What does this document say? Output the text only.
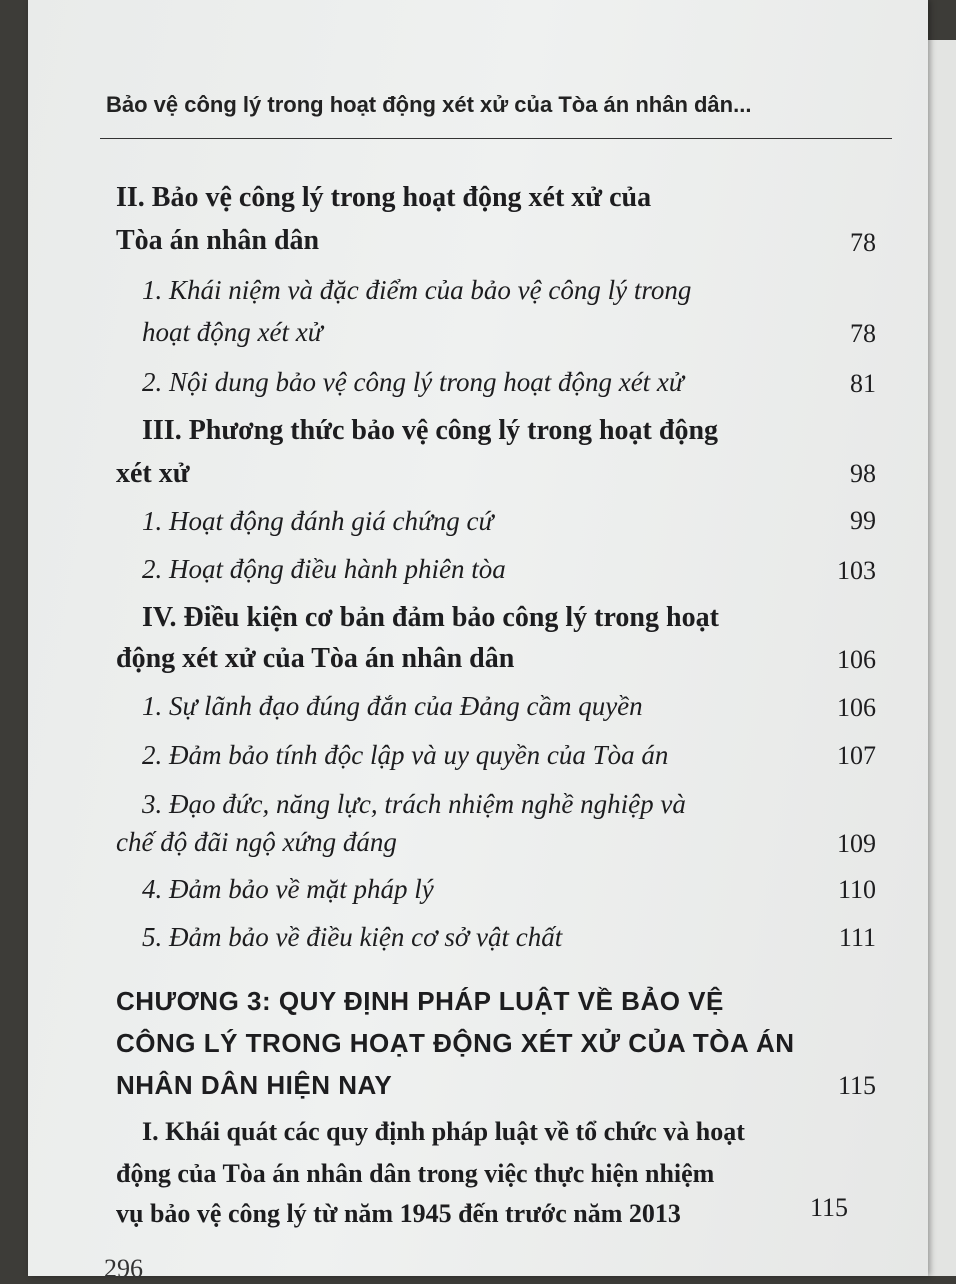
Bảo vệ công lý trong hoạt động xét xử của Tòa án nhân dân...
II. Bảo vệ công lý trong hoạt động xét xử của
Tòa án nhân dân	78
1. Khái niệm và đặc điểm của bảo vệ công lý trong
hoạt động xét xử	78
2. Nội dung bảo vệ công lý trong hoạt động xét xử	81
III. Phương thức bảo vệ công lý trong hoạt động
xét xử	98
1. Hoạt động đánh giá chứng cứ	99
2. Hoạt động điều hành phiên tòa	103
IV. Điều kiện cơ bản đảm bảo công lý trong hoạt
động xét xử của Tòa án nhân dân	106
1. Sự lãnh đạo đúng đắn của Đảng cầm quyền	106
2. Đảm bảo tính độc lập và uy quyền của Tòa án	107
3. Đạo đức, năng lực, trách nhiệm nghề nghiệp và
chế độ đãi ngộ xứng đáng	109
4. Đảm bảo về mặt pháp lý	110
5. Đảm bảo về điều kiện cơ sở vật chất	111
CHƯƠNG 3: QUY ĐỊNH PHÁP LUẬT VỀ BẢO VỆ
CÔNG LÝ TRONG HOẠT ĐỘNG XÉT XỬ CỦA TÒA ÁN
NHÂN DÂN HIỆN NAY	115
I. Khái quát các quy định pháp luật về tổ chức và hoạt
động của Tòa án nhân dân trong việc thực hiện nhiệm
vụ bảo vệ công lý từ năm 1945 đến trước năm 2013	115
296
